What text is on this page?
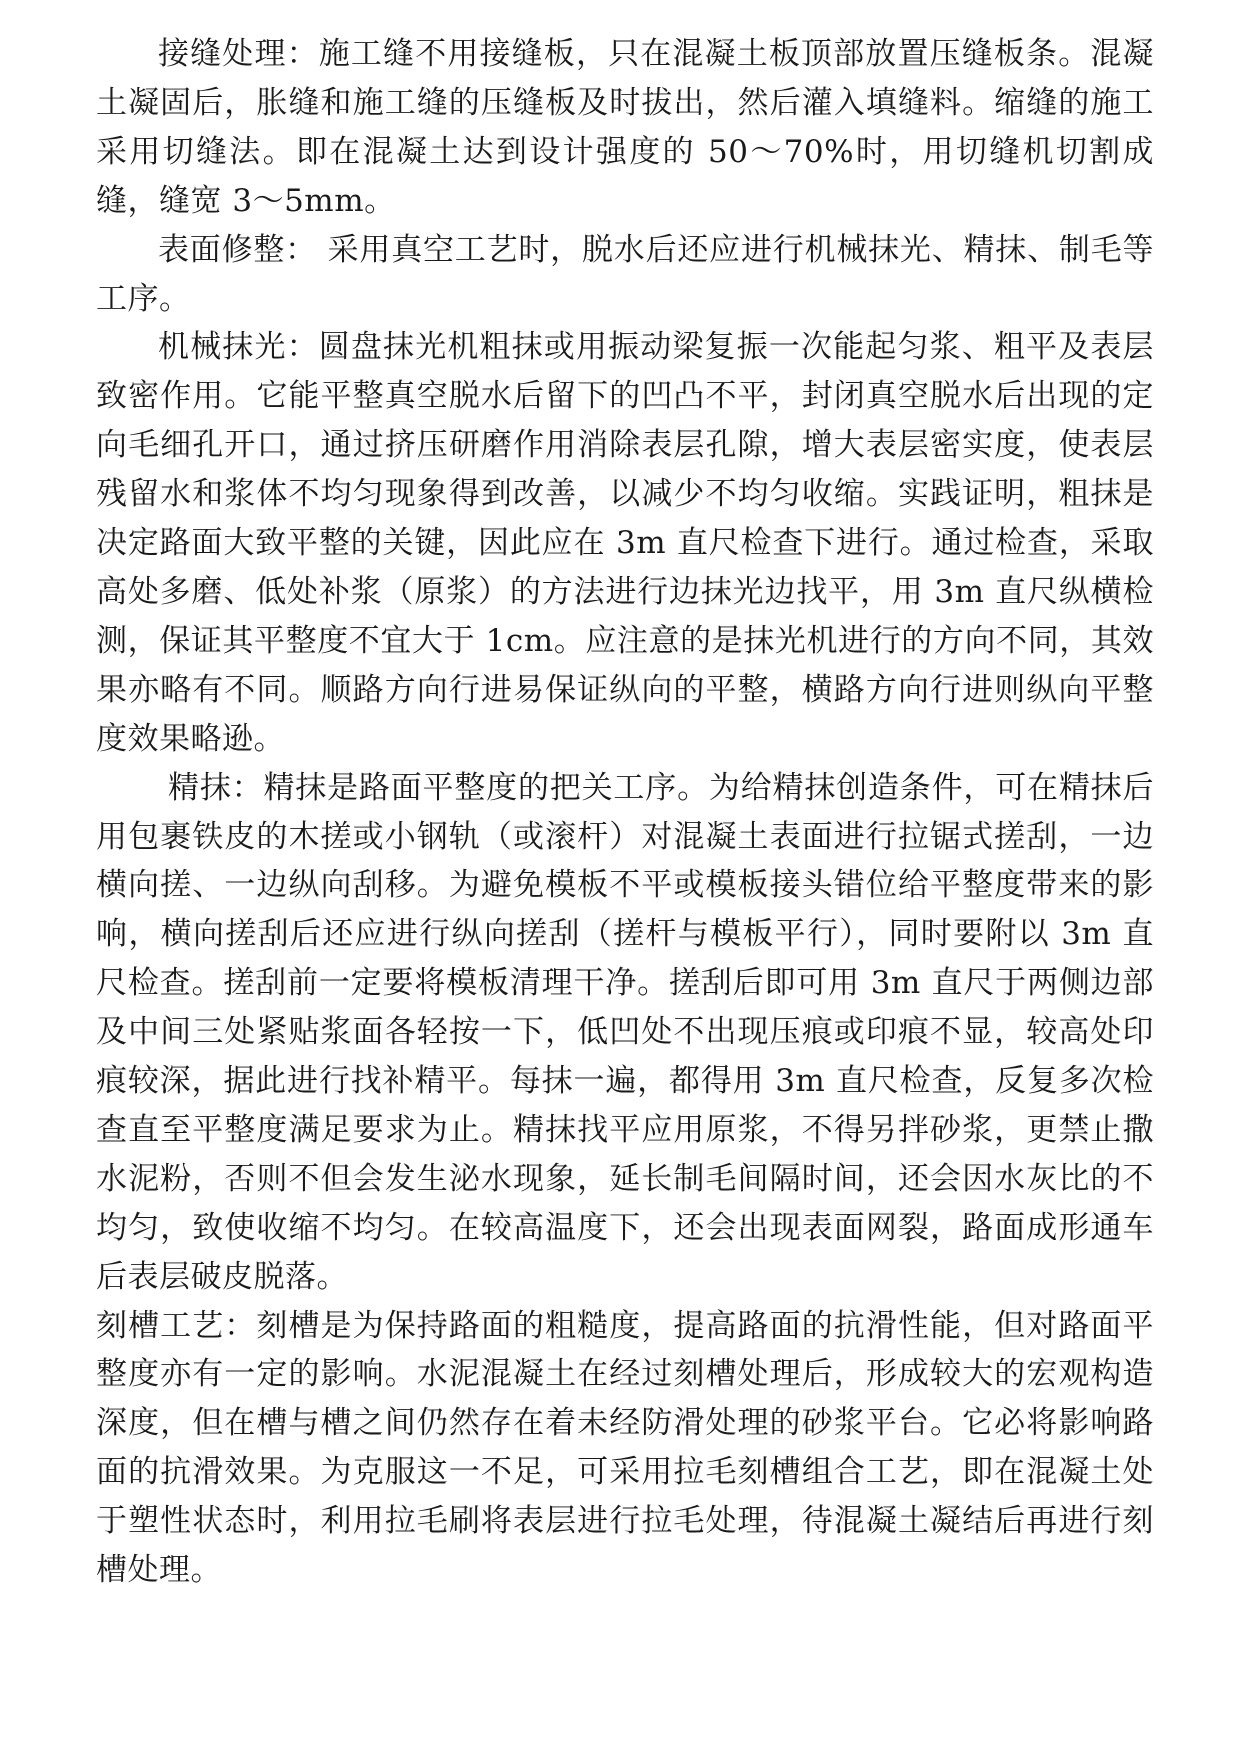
接缝处理：施工缝不用接缝板，只在混凝土板顶部放置压缝板条。混凝土凝固后，胀缝和施工缝的压缝板及时拔出，然后灌入填缝料。缩缝的施工采用切缝法。即在混凝土达到设计强度的 50～70%时，用切缝机切割成缝，缝宽 3～5mm。

表面修整： 采用真空工艺时，脱水后还应进行机械抹光、精抹、制毛等工序。

机械抹光：圆盘抹光机粗抹或用振动梁复振一次能起匀浆、粗平及表层致密作用。它能平整真空脱水后留下的凹凸不平，封闭真空脱水后出现的定向毛细孔开口，通过挤压研磨作用消除表层孔隙，增大表层密实度，使表层残留水和浆体不均匀现象得到改善，以减少不均匀收缩。实践证明，粗抹是决定路面大致平整的关键，因此应在 3m 直尺检查下进行。通过检查，采取高处多磨、低处补浆（原浆）的方法进行边抹光边找平，用 3m 直尺纵横检测，保证其平整度不宜大于 1cm。应注意的是抹光机进行的方向不同，其效果亦略有不同。顺路方向行进易保证纵向的平整，横路方向行进则纵向平整度效果略逊。

精抹：精抹是路面平整度的把关工序。为给精抹创造条件，可在精抹后用包裹铁皮的木搓或小钢轨（或滚杆）对混凝土表面进行拉锯式搓刮，一边横向搓、一边纵向刮移。为避免模板不平或模板接头错位给平整度带来的影响，横向搓刮后还应进行纵向搓刮（搓杆与模板平行），同时要附以 3m 直尺检查。搓刮前一定要将模板清理干净。搓刮后即可用 3m 直尺于两侧边部及中间三处紧贴浆面各轻按一下，低凹处不出现压痕或印痕不显，较高处印痕较深，据此进行找补精平。每抹一遍，都得用 3m 直尺检查，反复多次检查直至平整度满足要求为止。精抹找平应用原浆，不得另拌砂浆，更禁止撒水泥粉，否则不但会发生泌水现象，延长制毛间隔时间，还会因水灰比的不均匀，致使收缩不均匀。在较高温度下，还会出现表面网裂，路面成形通车后表层破皮脱落。

刻槽工艺：刻槽是为保持路面的粗糙度，提高路面的抗滑性能，但对路面平整度亦有一定的影响。水泥混凝土在经过刻槽处理后，形成较大的宏观构造深度，但在槽与槽之间仍然存在着未经防滑处理的砂浆平台。它必将影响路面的抗滑效果。为克服这一不足，可采用拉毛刻槽组合工艺，即在混凝土处于塑性状态时，利用拉毛刷将表层进行拉毛处理，待混凝土凝结后再进行刻槽处理。
